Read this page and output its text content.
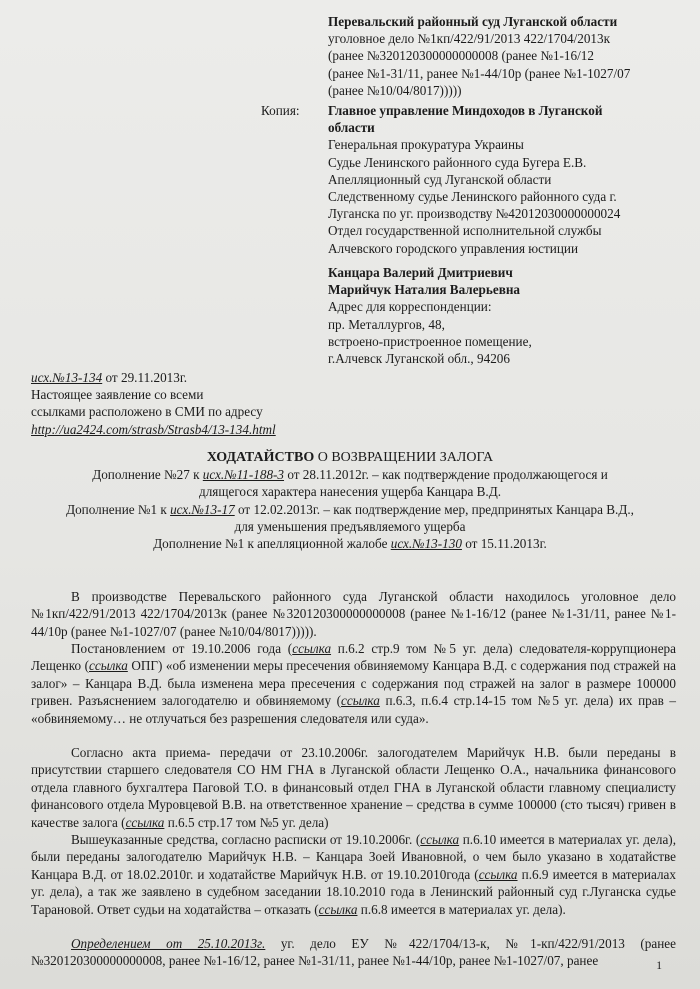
Перевальский районный суд Луганской области
уголовное дело №1кп/422/91/2013 422/1704/2013к
(ранее №320120300000000008 (ранее №1-16/12
(ранее №1-31/11, ранее №1-44/10р (ранее №1-1027/07
(ранее №10/04/8017)))))
Копия: Главное управление Миндоходов в Луганской
области
Генеральная прокуратура Украины
Судье Ленинского районного суда Бугера Е.В.
Апелляционный суд Луганской области
Следственному судье Ленинского районного суда г.
Луганска по уг. производству №42012030000000024
Отдел государственной исполнительной службы
Алчевского городского управления юстиции
Канцара Валерий Дмитриевич
Марийчук Наталия Валерьевна
Адрес для корреспонденции:
пр. Металлургов, 48,
встроено-пристроенное помещение,
г.Алчевск Луганской обл., 94206
исх.№13-134 от 29.11.2013г.
Настоящее заявление со всеми
ссылками расположено в СМИ по адресу
http://ua2424.com/strasb/Strasb4/13-134.html
ХОДАТАЙСТВО О ВОЗВРАЩЕНИИ ЗАЛОГА
Дополнение №27 к исх.№11-188-3 от 28.11.2012г. – как подтверждение продолжающегося и
длящегося характера нанесения ущерба Канцара В.Д.
Дополнение №1 к исх.№13-17 от 12.02.2013г. – как подтверждение мер, предпринятых Канцара В.Д.,
для уменьшения предъявляемого ущерба
Дополнение №1 к апелляционной жалобе исх.№13-130 от 15.11.2013г.
В производстве Перевальского районного суда Луганской области находилось уголовное дело №1кп/422/91/2013 422/1704/2013к (ранее №320120300000000008 (ранее №1-16/12 (ранее №1-31/11, ранее №1-44/10р (ранее №1-1027/07 (ранее №10/04/8017))))).
Постановлением от 19.10.2006 года (ссылка п.6.2 стр.9 том №5 уг. дела) следователя-коррупционера Лещенко (ссылка ОПГ) «об изменении меры пресечения обвиняемому Канцара В.Д. с содержания под стражей на залог» – Канцара В.Д. была изменена мера пресечения с содержания под стражей на залог в размере 100000 гривен. Разъяснением залогодателю и обвиняемому (ссылка п.6.3, п.6.4 стр.14-15 том №5 уг. дела) их прав – «обвиняемому… не отлучаться без разрешения следователя или суда».
Согласно акта приема- передачи от 23.10.2006г. залогодателем Марийчук Н.В. были переданы в присутствии старшего следователя СО НМ ГНА в Луганской области Лещенко О.А., начальника финансового отдела главного бухгалтера Паговой Т.О. в финансовый отдел ГНА в Луганской области главному специалисту финансового отдела Муровцевой В.В. на ответственное хранение – средства в сумме 100000 (сто тысяч) гривен в качестве залога (ссылка п.6.5 стр.17 том №5 уг. дела)
Вышеуказанные средства, согласно расписки от 19.10.2006г. (ссылка п.6.10 имеется в материалах уг. дела), были переданы залогодателю Марийчук Н.В. – Канцара Зоей Ивановной, о чем было указано в ходатайстве Канцара В.Д. от 18.02.2010г. и ходатайстве Марийчук Н.В. от 19.10.2010года (ссылка п.6.9 имеется в материалах уг. дела), а так же заявлено в судебном заседании 18.10.2010 года в Ленинский районный суд г.Луганска судье Тарановой. Ответ судьи на ходатайства – отказать (ссылка п.6.8 имеется в материалах уг. дела).
Определением от 25.10.2013г. уг. дело ЕУ №422/1704/13-к, №1-кп/422/91/2013 (ранее №320120300000000008, ранее №1-16/12, ранее №1-31/11, ранее №1-44/10р, ранее №1-1027/07, ранее	1
